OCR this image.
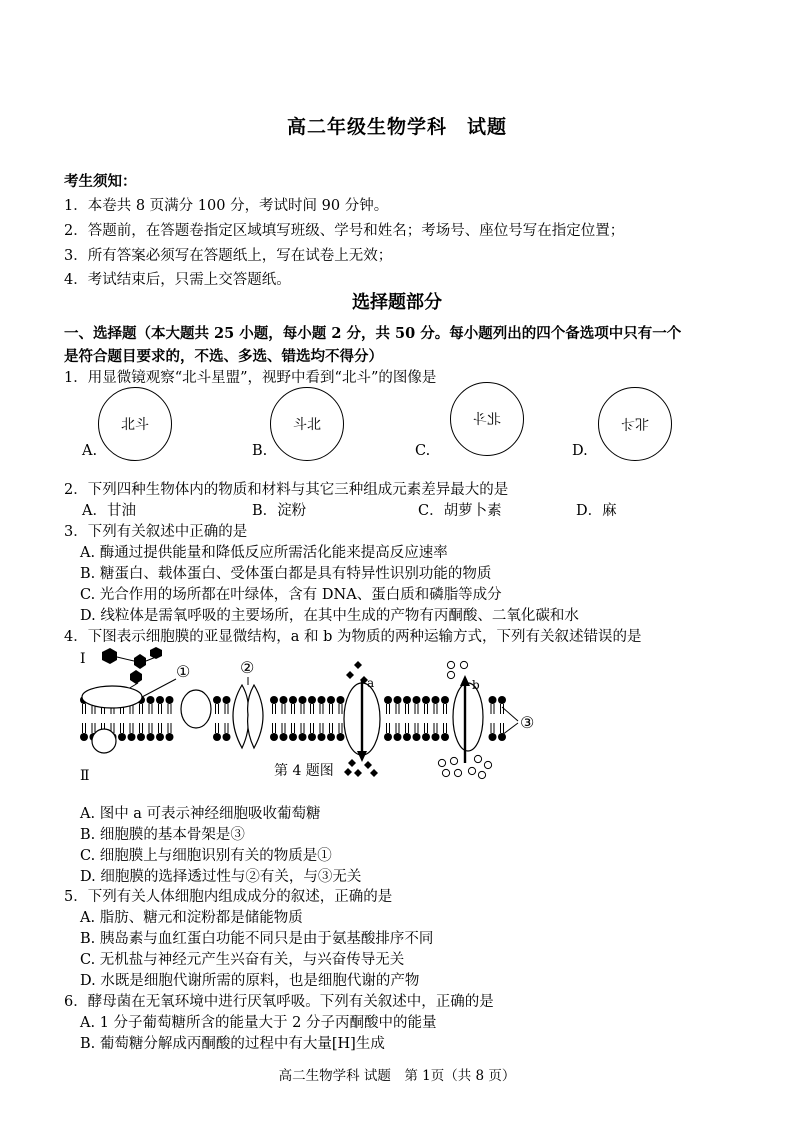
高二年级生物学科　试题
考生须知：
1．本卷共 8 页满分 100 分，考试时间 90 分钟。
2．答题前，在答题卷指定区域填写班级、学号和姓名；考场号、座位号写在指定位置；
3．所有答案必须写在答题纸上，写在试卷上无效；
4．考试结束后，只需上交答题纸。
选择题部分
一、选择题（本大题共 25 小题，每小题 2 分，共 50 分。每小题列出的四个备选项中只有一个
是符合题目要求的，不选、多选、错选均不得分）
1．用显微镜观察“北斗星盟”，视野中看到“北斗”的图像是
北斗	斗北	北斗	北斗
A.	B.	C.	D.
2．下列四种生物体内的物质和材料与其它三种组成元素差异最大的是
A．甘油	B．淀粉	C．胡萝卜素	D．麻
3．下列有关叙述中正确的是
A. 酶通过提供能量和降低反应所需活化能来提高反应速率
B. 糖蛋白、载体蛋白、受体蛋白都是具有特异性识别功能的物质
C. 光合作用的场所都在叶绿体，含有 DNA、蛋白质和磷脂等成分
D. 线粒体是需氧呼吸的主要场所，在其中生成的产物有丙酮酸、二氧化碳和水
4．下图表示细胞膜的亚显微结构，a 和 b 为物质的两种运输方式，下列有关叙述错误的是
Ⅰ
Ⅱ
①	②
a	b
③
第 4 题图
A. 图中 a 可表示神经细胞吸收葡萄糖
B. 细胞膜的基本骨架是③
C. 细胞膜上与细胞识别有关的物质是①
D. 细胞膜的选择透过性与②有关，与③无关
5．下列有关人体细胞内组成成分的叙述，正确的是
A. 脂肪、糖元和淀粉都是储能物质
B. 胰岛素与血红蛋白功能不同只是由于氨基酸排序不同
C. 无机盐与神经元产生兴奋有关，与兴奋传导无关
D. 水既是细胞代谢所需的原料，也是细胞代谢的产物
6．酵母菌在无氧环境中进行厌氧呼吸。下列有关叙述中，正确的是
A. 1 分子葡萄糖所含的能量大于 2 分子丙酮酸中的能量
B. 葡萄糖分解成丙酮酸的过程中有大量[H]生成
高二生物学科 试题　第 1页（共 8 页）
